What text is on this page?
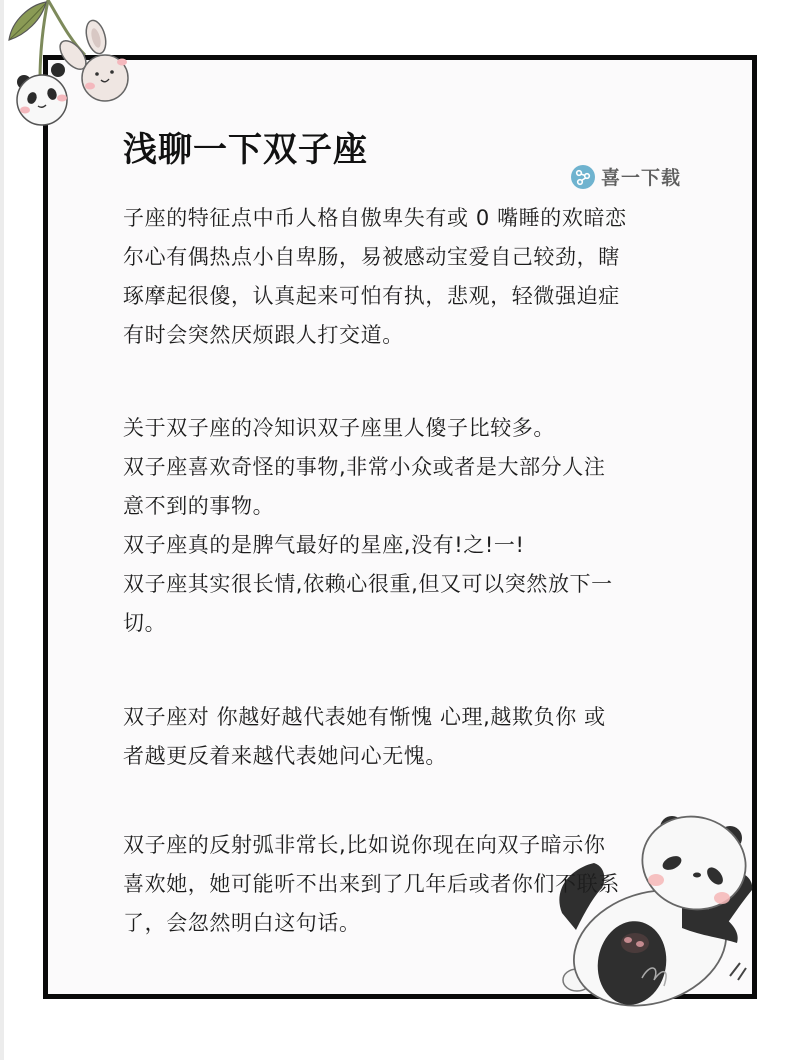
浅聊一下双子座
喜一下载
子座的特征点中币人格自傲卑失有或 0 嘴睡的欢暗恋
尔心有偶热点小自卑肠，易被感动宝爱自己较劲，瞎
琢摩起很傻，认真起来可怕有执，悲观，轻微强迫症
有时会突然厌烦跟人打交道。
关于双子座的冷知识双子座里人傻子比较多。
双子座喜欢奇怪的事物,非常小众或者是大部分人注
意不到的事物。
双子座真的是脾气最好的星座,没有!之!一!
双子座其实很长情,依赖心很重,但又可以突然放下一
切。
双子座对 你越好越代表她有惭愧 心理,越欺负你 或
者越更反着来越代表她问心无愧。
双子座的反射弧非常长,比如说你现在向双子暗示你
喜欢她，她可能听不出来到了几年后或者你们不联系
了，会忽然明白这句话。
